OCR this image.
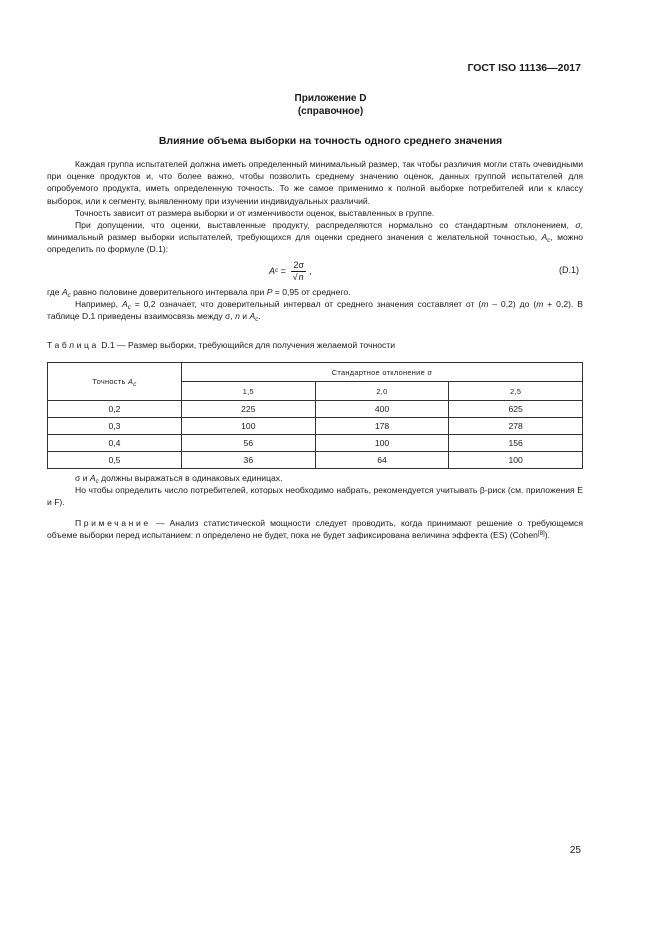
ГОСТ ISO 11136—2017
Приложение D
(справочное)
Влияние объема выборки на точность одного среднего значения

Каждая группа испытателей должна иметь определенный минимальный размер, так чтобы различия могли стать очевидными при оценке продуктов и, что более важно, чтобы позволить среднему значению оценок, данных группой испытателей для опробуемого продукта, иметь определенную точность. То же самое применимо к полной выборке потребителей или к классу выборок, или к сегменту, выявленному при изучении индивидуальных различий.

Точность зависит от размера выборки и от изменчивости оценок, выставленных в группе.

При допущении, что оценки, выставленные продукту, распределяются нормально со стандартным отклонением, σ, минимальный размер выборки испытателей, требующихся для оценки среднего значения с желательной точностью, $A_c$, можно определить по формуле (D.1):

A $c = \frac{2\sigma}{√n}$ ,	(D.1)

где $A_c$ равно половине доверительного интервала при P = 0,95 от среднего.

Например, $A_c = 0,2$ означает, что доверительный интервал от среднего значения составляет от (m – 0,2) до (m + 0,2). В таблице D.1 приведены взаимосвязь между σ, n и $A_c$.

Таблица D.1 — Размер выборки, требующийся для получения желаемой точности
Точность $A_c$	Стандартное отклонение σ		
	1,5	2,0	2,5
0,2	225	400	625
0,3	100	178	278
0,4	56	100	156
0,5	36	64	100

σ и $A_c$ должны выражаться в одинаковых единицах.

Но чтобы определить число потребителей, которых необходимо набрать, рекомендуется учитывать β-риск (см. приложения E и F).

Примечание — Анализ статистической мощности следует проводить, когда принимают решение о требующемся объеме выборки перед испытанием: n определено не будет, пока не будет зафиксирована величина эффекта (ES) (Cohen[8]).

25
